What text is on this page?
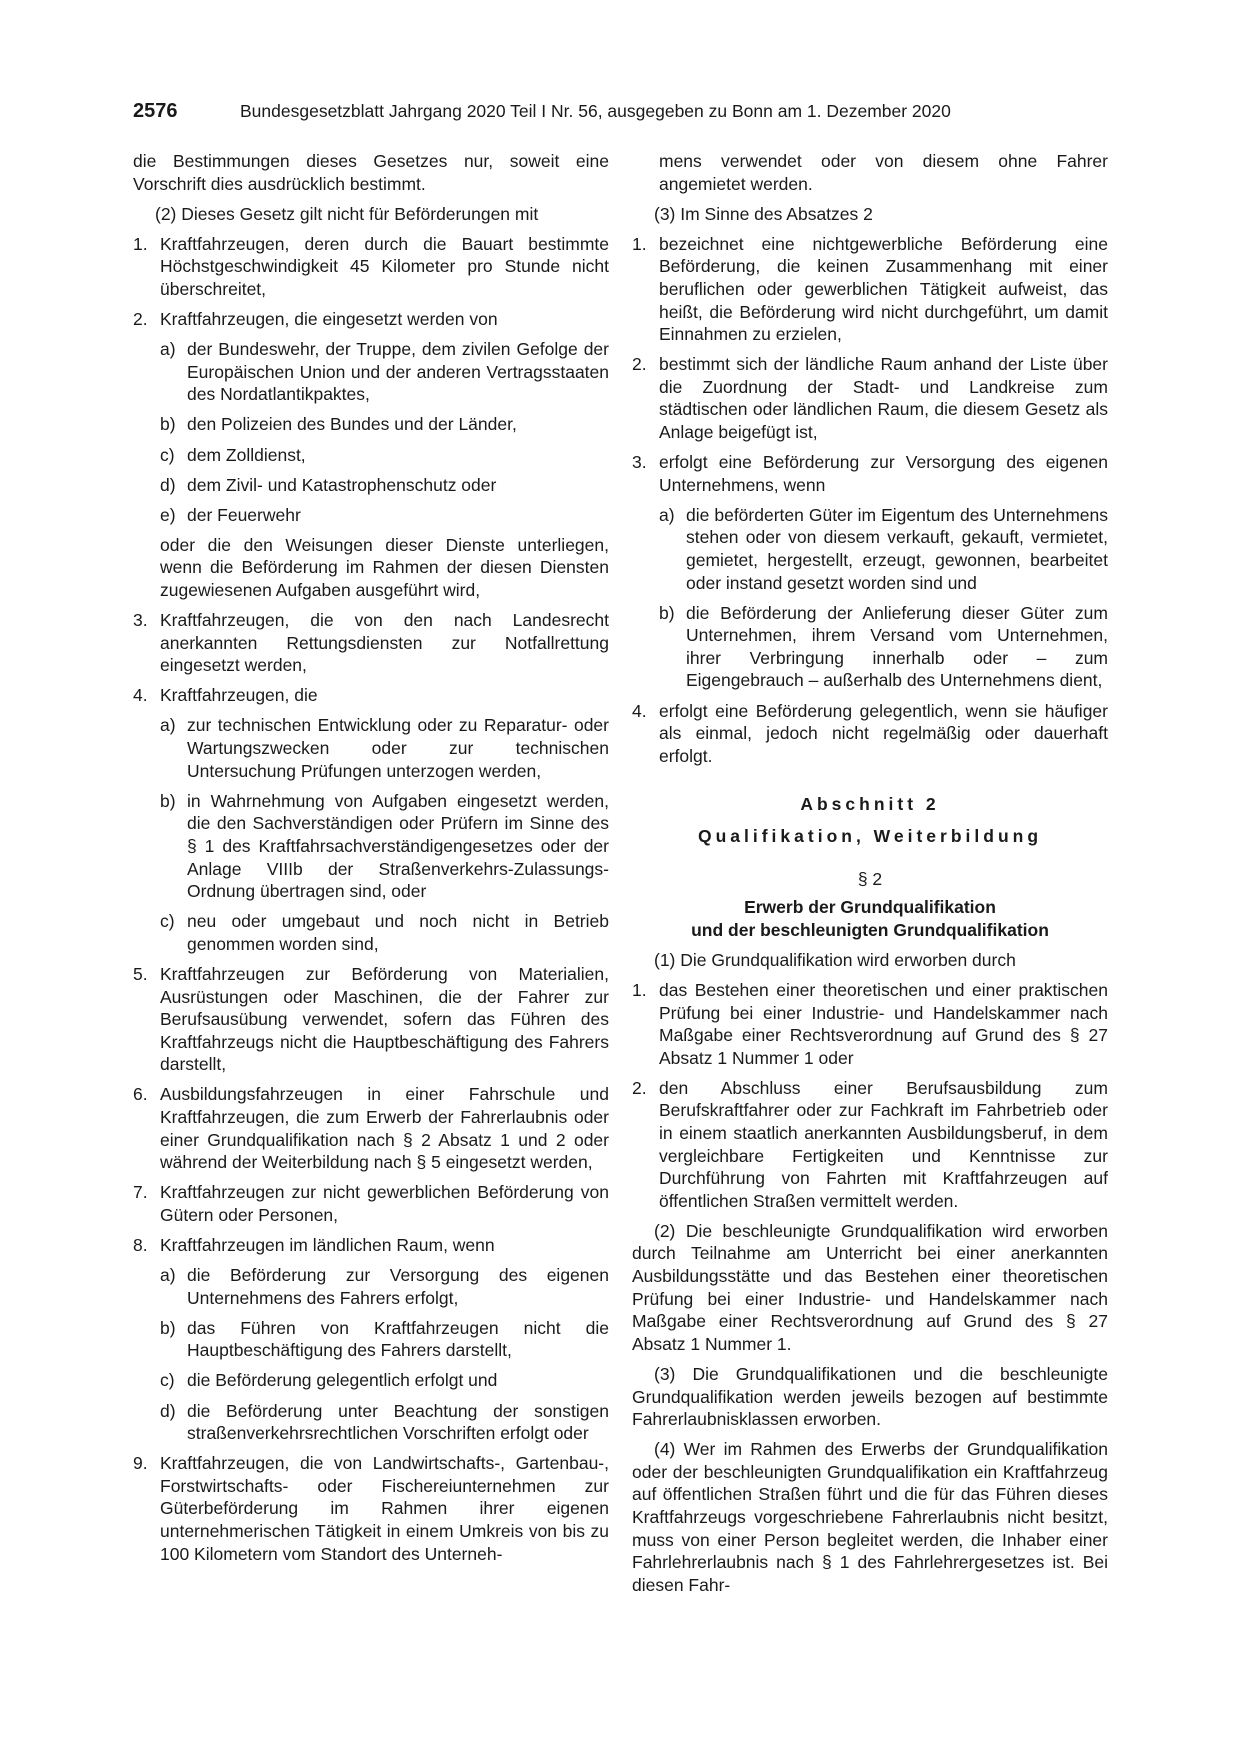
2576	Bundesgesetzblatt Jahrgang 2020 Teil I Nr. 56, ausgegeben zu Bonn am 1. Dezember 2020

die Bestimmungen dieses Gesetzes nur, soweit eine Vorschrift dies ausdrücklich bestimmt.

(2) Dieses Gesetz gilt nicht für Beförderungen mit

1. Kraftfahrzeugen, deren durch die Bauart bestimmte Höchstgeschwindigkeit 45 Kilometer pro Stunde nicht überschreitet,

2. Kraftfahrzeugen, die eingesetzt werden von

a) der Bundeswehr, der Truppe, dem zivilen Gefolge der Europäischen Union und der anderen Vertragsstaaten des Nordatlantikpaktes,

b) den Polizeien des Bundes und der Länder,

c) dem Zolldienst,

d) dem Zivil- und Katastrophenschutz oder

e) der Feuerwehr

oder die den Weisungen dieser Dienste unterliegen, wenn die Beförderung im Rahmen der diesen Diensten zugewiesenen Aufgaben ausgeführt wird,

3. Kraftfahrzeugen, die von den nach Landesrecht anerkannten Rettungsdiensten zur Notfallrettung eingesetzt werden,

4. Kraftfahrzeugen, die

a) zur technischen Entwicklung oder zu Reparatur- oder Wartungszwecken oder zur technischen Untersuchung Prüfungen unterzogen werden,

b) in Wahrnehmung von Aufgaben eingesetzt werden, die den Sachverständigen oder Prüfern im Sinne des § 1 des Kraftfahrsachverständigengesetzes oder der Anlage VIIIb der Straßenverkehrs-Zulassungs-Ordnung übertragen sind, oder

c) neu oder umgebaut und noch nicht in Betrieb genommen worden sind,

5. Kraftfahrzeugen zur Beförderung von Materialien, Ausrüstungen oder Maschinen, die der Fahrer zur Berufsausübung verwendet, sofern das Führen des Kraftfahrzeugs nicht die Hauptbeschäftigung des Fahrers darstellt,

6. Ausbildungsfahrzeugen in einer Fahrschule und Kraftfahrzeugen, die zum Erwerb der Fahrerlaubnis oder einer Grundqualifikation nach § 2 Absatz 1 und 2 oder während der Weiterbildung nach § 5 eingesetzt werden,

7. Kraftfahrzeugen zur nicht gewerblichen Beförderung von Gütern oder Personen,

8. Kraftfahrzeugen im ländlichen Raum, wenn

a) die Beförderung zur Versorgung des eigenen Unternehmens des Fahrers erfolgt,

b) das Führen von Kraftfahrzeugen nicht die Hauptbeschäftigung des Fahrers darstellt,

c) die Beförderung gelegentlich erfolgt und

d) die Beförderung unter Beachtung der sonstigen straßenverkehrsrechtlichen Vorschriften erfolgt oder

9. Kraftfahrzeugen, die von Landwirtschafts-, Gartenbau-, Forstwirtschafts- oder Fischereiunternehmen zur Güterbeförderung im Rahmen ihrer eigenen unternehmerischen Tätigkeit in einem Umkreis von bis zu 100 Kilometern vom Standort des Unterneh-

mens verwendet oder von diesem ohne Fahrer angemietet werden.

(3) Im Sinne des Absatzes 2

1. bezeichnet eine nichtgewerbliche Beförderung eine Beförderung, die keinen Zusammenhang mit einer beruflichen oder gewerblichen Tätigkeit aufweist, das heißt, die Beförderung wird nicht durchgeführt, um damit Einnahmen zu erzielen,

2. bestimmt sich der ländliche Raum anhand der Liste über die Zuordnung der Stadt- und Landkreise zum städtischen oder ländlichen Raum, die diesem Gesetz als Anlage beigefügt ist,

3. erfolgt eine Beförderung zur Versorgung des eigenen Unternehmens, wenn

a) die beförderten Güter im Eigentum des Unternehmens stehen oder von diesem verkauft, gekauft, vermietet, gemietet, hergestellt, erzeugt, gewonnen, bearbeitet oder instand gesetzt worden sind und

b) die Beförderung der Anlieferung dieser Güter zum Unternehmen, ihrem Versand vom Unternehmen, ihrer Verbringung innerhalb oder – zum Eigengebrauch – außerhalb des Unternehmens dient,

4. erfolgt eine Beförderung gelegentlich, wenn sie häufiger als einmal, jedoch nicht regelmäßig oder dauerhaft erfolgt.

Abschnitt 2

Qualifikation, Weiterbildung

§ 2

Erwerb der Grundqualifikation

und der beschleunigten Grundqualifikation

(1) Die Grundqualifikation wird erworben durch

1. das Bestehen einer theoretischen und einer praktischen Prüfung bei einer Industrie- und Handelskammer nach Maßgabe einer Rechtsverordnung auf Grund des § 27 Absatz 1 Nummer 1 oder

2. den Abschluss einer Berufsausbildung zum Berufskraftfahrer oder zur Fachkraft im Fahrbetrieb oder in einem staatlich anerkannten Ausbildungsberuf, in dem vergleichbare Fertigkeiten und Kenntnisse zur Durchführung von Fahrten mit Kraftfahrzeugen auf öffentlichen Straßen vermittelt werden.

(2) Die beschleunigte Grundqualifikation wird erworben durch Teilnahme am Unterricht bei einer anerkannten Ausbildungsstätte und das Bestehen einer theoretischen Prüfung bei einer Industrie- und Handelskammer nach Maßgabe einer Rechtsverordnung auf Grund des § 27 Absatz 1 Nummer 1.

(3) Die Grundqualifikationen und die beschleunigte Grundqualifikation werden jeweils bezogen auf bestimmte Fahrerlaubnisklassen erworben.

(4) Wer im Rahmen des Erwerbs der Grundqualifikation oder der beschleunigten Grundqualifikation ein Kraftfahrzeug auf öffentlichen Straßen führt und die für das Führen dieses Kraftfahrzeugs vorgeschriebene Fahrerlaubnis nicht besitzt, muss von einer Person begleitet werden, die Inhaber einer Fahrlehrerlaubnis nach § 1 des Fahrlehrergesetzes ist. Bei diesen Fahr-
